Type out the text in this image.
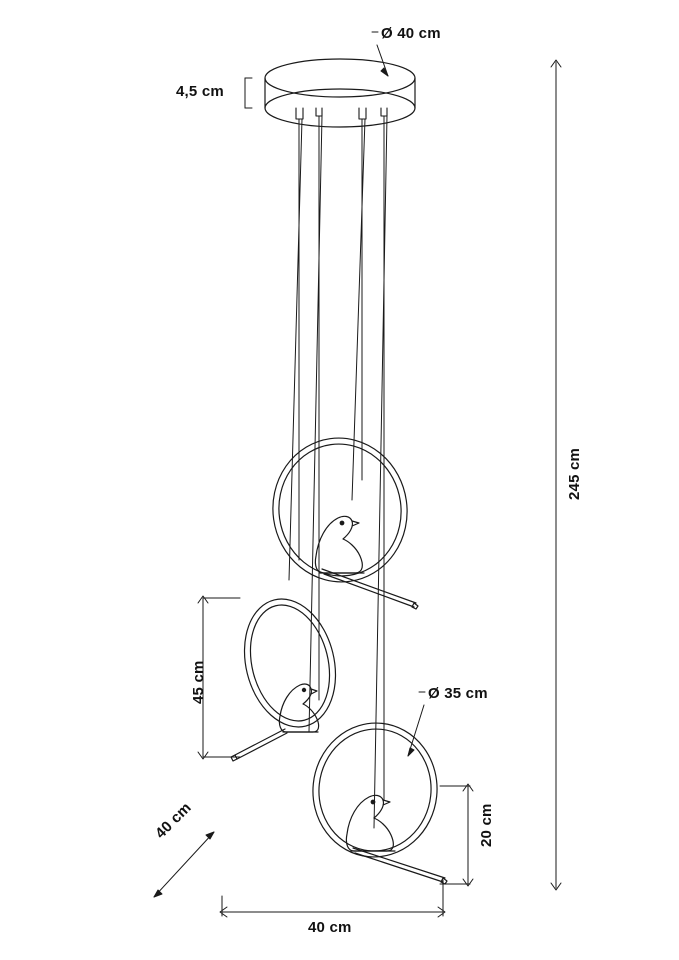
Ø 40 cm
4,5 cm
245 cm
Ø 35 cm
45 cm
20 cm
40 cm
40 cm
